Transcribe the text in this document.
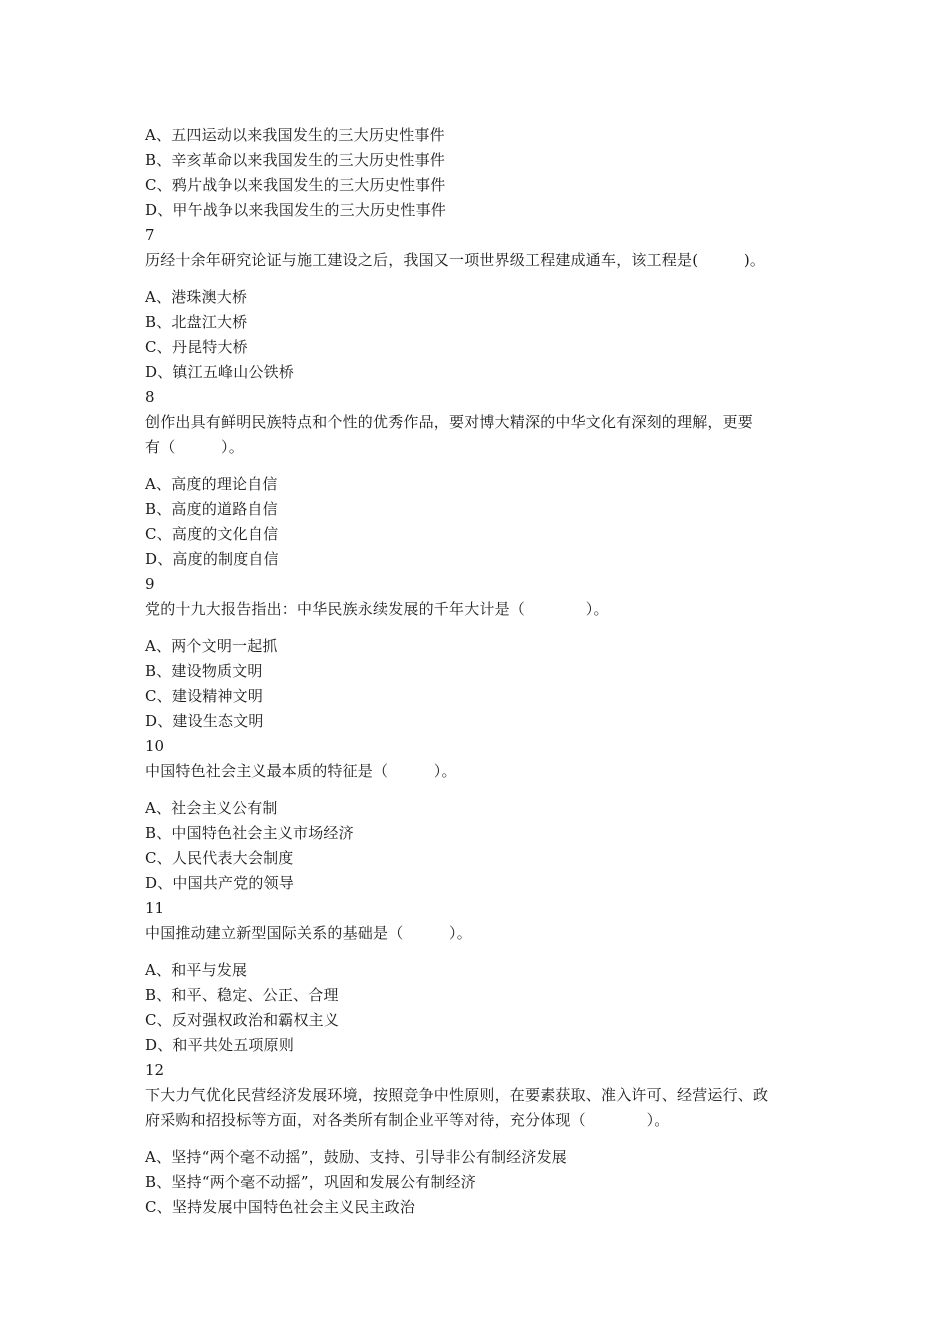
A、五四运动以来我国发生的三大历史性事件
B、辛亥革命以来我国发生的三大历史性事件
C、鸦片战争以来我国发生的三大历史性事件
D、甲午战争以来我国发生的三大历史性事件
7
历经十余年研究论证与施工建设之后，我国又一项世界级工程建成通车，该工程是(　　　)。
A、港珠澳大桥
B、北盘江大桥
C、丹昆特大桥
D、镇江五峰山公铁桥
8
创作出具有鲜明民族特点和个性的优秀作品，要对博大精深的中华文化有深刻的理解，更要
有（　　　）。
A、高度的理论自信
B、高度的道路自信
C、高度的文化自信
D、高度的制度自信
9
党的十九大报告指出：中华民族永续发展的千年大计是（　　　　）。
A、两个文明一起抓
B、建设物质文明
C、建设精神文明
D、建设生态文明
10
中国特色社会主义最本质的特征是（　　　）。
A、社会主义公有制
B、中国特色社会主义市场经济
C、人民代表大会制度
D、中国共产党的领导
11
中国推动建立新型国际关系的基础是（　　　）。
A、和平与发展
B、和平、稳定、公正、合理
C、反对强权政治和霸权主义
D、和平共处五项原则
12
下大力气优化民营经济发展环境，按照竞争中性原则，在要素获取、准入许可、经营运行、政
府采购和招投标等方面，对各类所有制企业平等对待，充分体现（　　　　）。
A、坚持“两个毫不动摇”，鼓励、支持、引导非公有制经济发展
B、坚持“两个毫不动摇”，巩固和发展公有制经济
C、坚持发展中国特色社会主义民主政治
